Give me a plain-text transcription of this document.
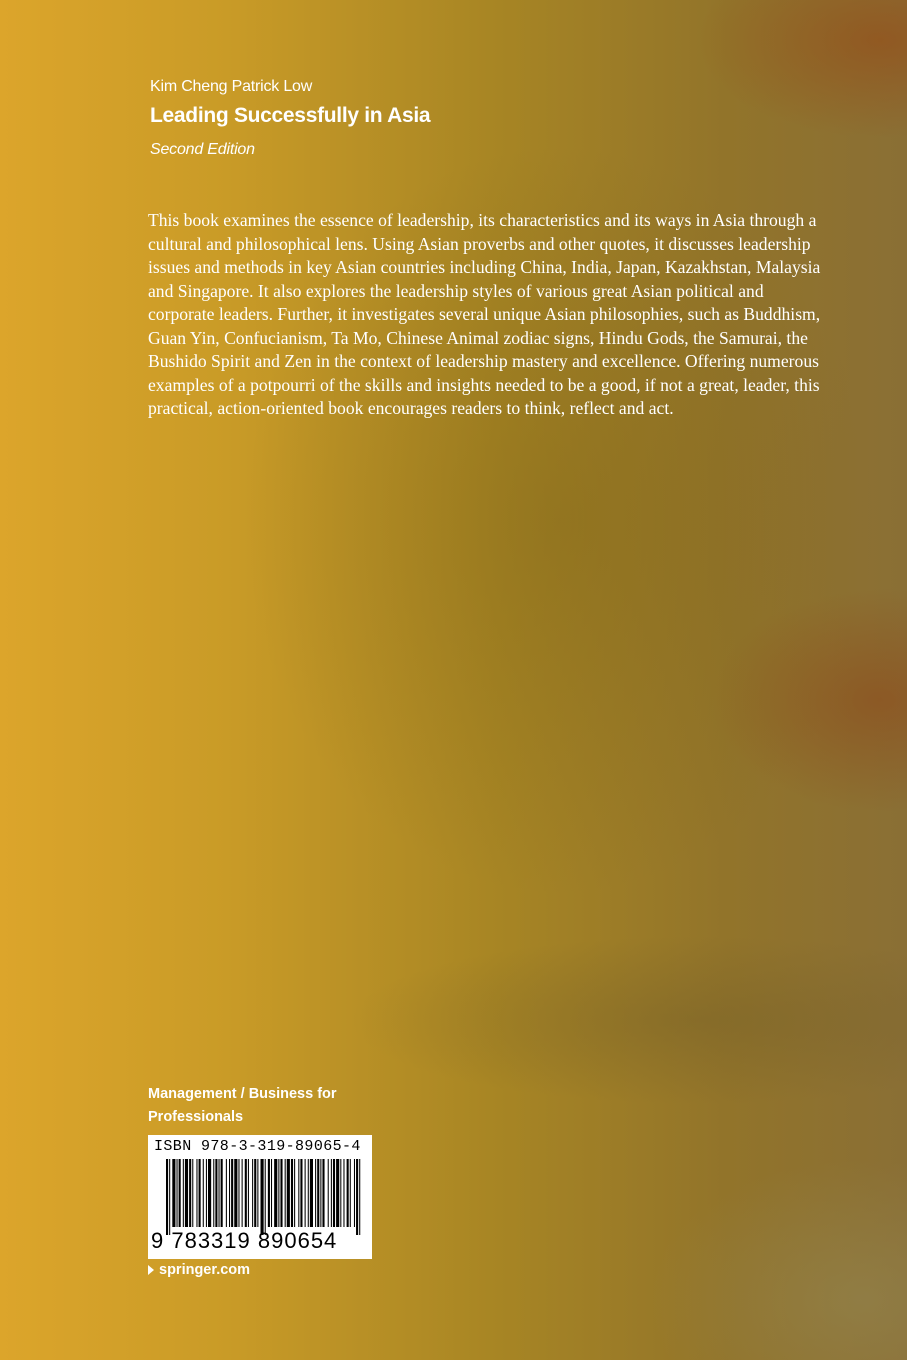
Kim Cheng Patrick Low
Leading Successfully in Asia
Second Edition

This book examines the essence of leadership, its characteristics and its ways in Asia through a cultural and philosophical lens. Using Asian proverbs and other quotes, it discusses leadership issues and methods in key Asian countries including China, India, Japan, Kazakhstan, Malaysia and Singapore. It also explores the leadership styles of various great Asian political and corporate leaders. Further, it investigates several unique Asian philosophies, such as Buddhism, Guan Yin, Confucianism, Ta Mo, Chinese Animal zodiac signs, Hindu Gods, the Samurai, the Bushido Spirit and Zen in the context of leadership mastery and excellence. Offering numerous examples of a potpourri of the skills and insights needed to be a good, if not a great, leader, this practical, action-oriented book encourages readers to think, reflect and act.

Management / Business for
Professionals
ISBN 978-3-319-89065-4
9 783319 890654
springer.com
